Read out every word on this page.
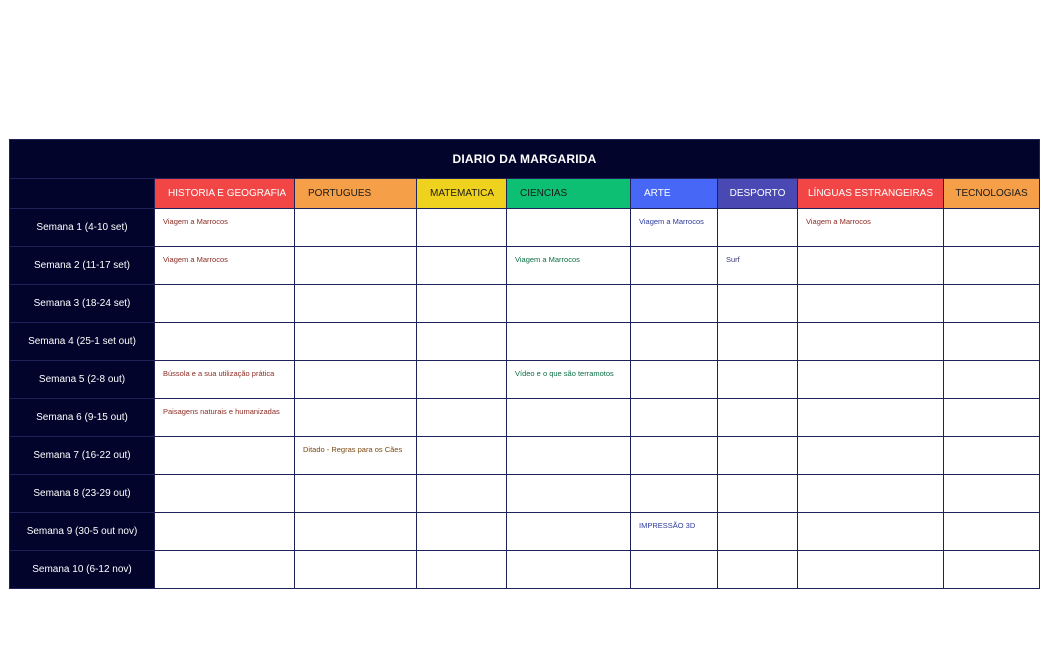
DIARIO DA MARGARIDA								
	HISTORIA E GEOGRAFIA	PORTUGUES	MATEMATICA	CIENCIAS	ARTE	DESPORTO	LÍNGUAS ESTRANGEIRAS	TECNOLOGIAS
Semana 1 (4-10 set)	Viagem a Marrocos				Viagem a Marrocos		Viagem a Marrocos	
Semana 2 (11-17 set)	Viagem a Marrocos			Viagem a Marrocos		Surf		
Semana 3 (18-24 set)								
Semana 4 (25-1 set out)								
Semana 5 (2-8 out)	Bússola e a sua utilização prática			Vídeo e o que são terramotos				
Semana 6 (9-15 out)	Paisagens naturais e humanizadas							
Semana 7 (16-22 out)		Ditado - Regras para os Cães						
Semana 8 (23-29 out)								
Semana 9 (30-5 out nov)					IMPRESSÃO 3D			
Semana 10 (6-12 nov)								
